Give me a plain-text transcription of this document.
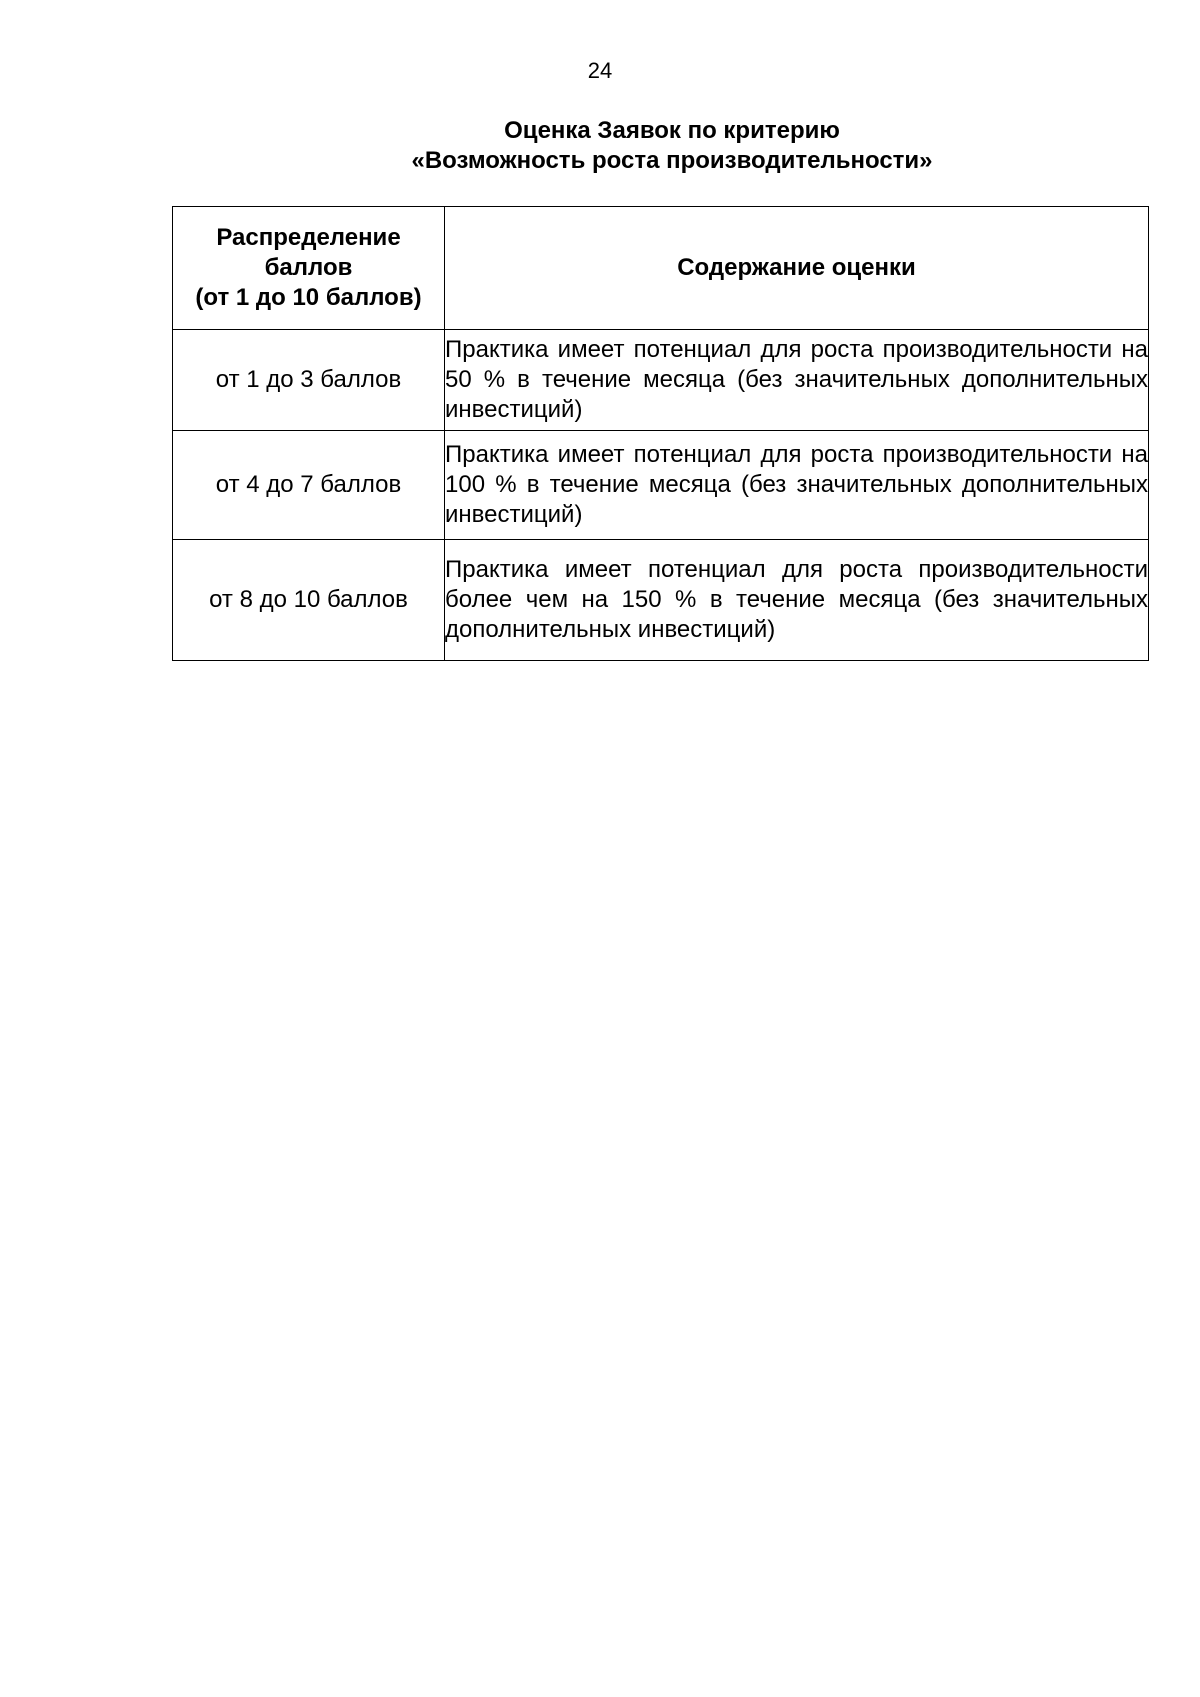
24
Оценка Заявок по критерию
«Возможность роста производительности»
Распределение
баллов
(от 1 до 10 баллов)	Содержание оценки
от 1 до 3 баллов	Практика имеет потенциал для роста производительности на 50 % в течение месяца (без значительных дополнительных инвестиций)
от 4 до 7 баллов	Практика имеет потенциал для роста производительности на 100 % в течение месяца (без значительных дополнительных инвестиций)
от 8 до 10 баллов	Практика имеет потенциал для роста производительности более чем на 150 % в течение месяца (без значительных дополнительных инвестиций)
